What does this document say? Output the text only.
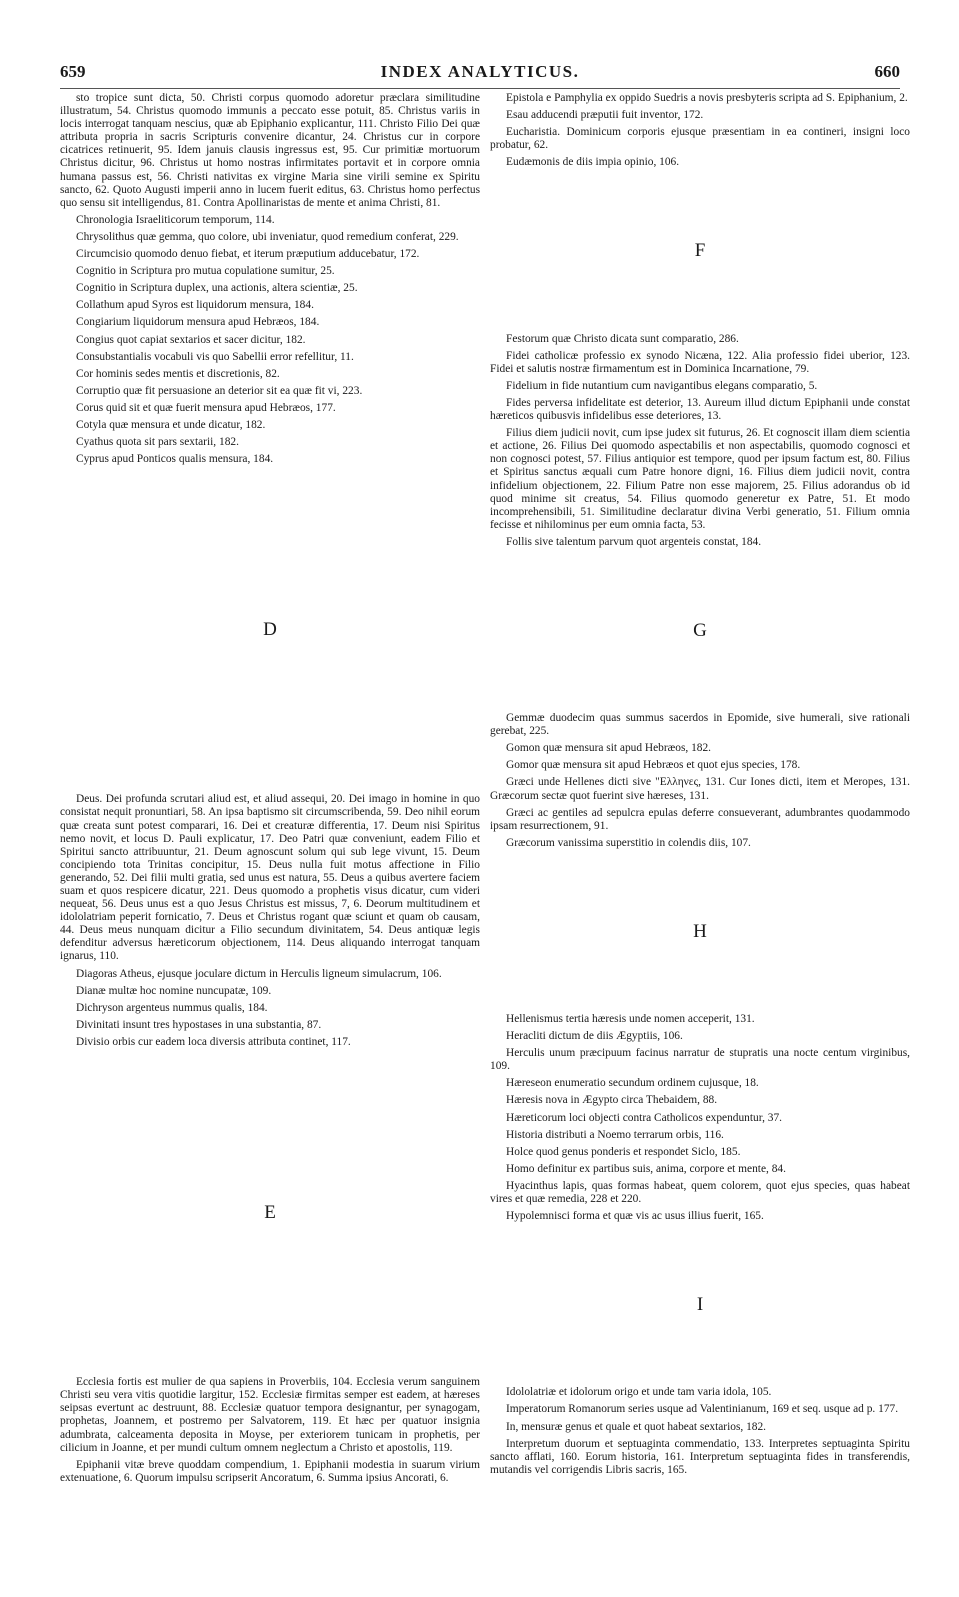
659	INDEX ANALYTICUS.	660

sto tropice sunt dicta, 50. Christi corpus quomodo adoretur præclara similitudine illustratum, 54. Christus quomodo immunis a peccato esse potuit, 85. Christus variis in locis interrogat tanquam nescius, quæ ab Epiphanio explicantur, 111. Christo Filio Dei quæ attributa propria in sacris Scripturis convenire dicantur, 24. Christus cur in corpore cicatrices retinuerit, 95. Idem januis clausis ingressus est, 95. Cur primitiæ mortuorum Christus dicitur, 96. Christus ut homo nostras infirmitates portavit et in corpore omnia humana passus est, 56. Christi nativitas ex virgine Maria sine virili semine ex Spiritu sancto, 62. Quoto Augusti imperii anno in lucem fuerit editus, 63. Christus homo perfectus quo sensu sit intelligendus, 81. Contra Apollinaristas de mente et anima Christi, 81.

Chronologia Israeliticorum temporum, 114.

Chrysolithus quæ gemma, quo colore, ubi inveniatur, quod remedium conferat, 229.

Circumcisio quomodo denuo fiebat, et iterum præputium adducebatur, 172.

Cognitio in Scriptura pro mutua copulatione sumitur, 25.

Cognitio in Scriptura duplex, una actionis, altera scientiæ, 25.

Collathum apud Syros est liquidorum mensura, 184.

Congiarium liquidorum mensura apud Hebræos, 184.

Congius quot capiat sextarios et sacer dicitur, 182.

Consubstantialis vocabuli vis quo Sabellii error refellitur, 11.

Cor hominis sedes mentis et discretionis, 82.

Corruptio quæ fit persuasione an deterior sit ea quæ fit vi, 223.

Corus quid sit et quæ fuerit mensura apud Hebræos, 177.

Cotyla quæ mensura et unde dicatur, 182.

Cyathus quota sit pars sextarii, 182.

Cyprus apud Ponticos qualis mensura, 184.

D

Deus. Dei profunda scrutari aliud est, et aliud assequi, 20. Dei imago in homine in quo consistat nequit pronuntiari, 58. An ipsa baptismo sit circumscribenda, 59. Deo nihil eorum quæ creata sunt potest comparari, 16. Dei et creaturæ differentia, 17. Deum nisi Spiritus nemo novit, et locus D. Pauli explicatur, 17. Deo Patri quæ conveniunt, eadem Filio et Spiritui sancto attribuuntur, 21. Deum agnoscunt solum qui sub lege vivunt, 15. Deum concipiendo tota Trinitas concipitur, 15. Deus nulla fuit motus affectione in Filio generando, 52. Dei filii multi gratia, sed unus est natura, 55. Deus a quibus avertere faciem suam et quos respicere dicatur, 221. Deus quomodo a prophetis visus dicatur, cum videri nequeat, 56. Deus unus est a quo Jesus Christus est missus, 7, 6. Deorum multitudinem et idololatriam peperit fornicatio, 7. Deus et Christus rogant quæ sciunt et quam ob causam, 44. Deus meus nunquam dicitur a Filio secundum divinitatem, 54. Deus antiquæ legis defenditur adversus hæreticorum objectionem, 114. Deus aliquando interrogat tanquam ignarus, 110.

Diagoras Atheus, ejusque joculare dictum in Herculis ligneum simulacrum, 106.

Dianæ multæ hoc nomine nuncupatæ, 109.

Dichryson argenteus nummus qualis, 184.

Divinitati insunt tres hypostases in una substantia, 87.

Divisio orbis cur eadem loca diversis attributa continet, 117.

E

Ecclesia fortis est mulier de qua sapiens in Proverbiis, 104. Ecclesia verum sanguinem Christi seu vera vitis quotidie largitur, 152. Ecclesiæ firmitas semper est eadem, at hæreses seipsas evertunt ac destruunt, 88. Ecclesiæ quatuor tempora designantur, per synagogam, prophetas, Joannem, et postremo per Salvatorem, 119. Et hæc per quatuor insignia adumbrata, calceamenta deposita in Moyse, per exteriorem tunicam in prophetis, per cilicium in Joanne, et per mundi cultum omnem neglectum a Christo et apostolis, 119.

Epiphanii vitæ breve quoddam compendium, 1. Epiphanii modestia in suarum virium extenuatione, 6. Quorum impulsu scripserit Ancoratum, 6. Summa ipsius Ancorati, 6.

Epistola e Pamphylia ex oppido Suedris a novis presbyteris scripta ad S. Epiphanium, 2.

Esau adducendi præputii fuit inventor, 172.

Eucharistia. Dominicum corporis ejusque præsentiam in ea contineri, insigni loco probatur, 62.

Eudæmonis de diis impia opinio, 106.

F

Festorum quæ Christo dicata sunt comparatio, 286.

Fidei catholicæ professio ex synodo Nicæna, 122. Alia professio fidei uberior, 123. Fidei et salutis nostræ firmamentum est in Dominica Incarnatione, 79.

Fidelium in fide nutantium cum navigantibus elegans comparatio, 5.

Fides perversa infidelitate est deterior, 13. Aureum illud dictum Epiphanii unde constat hæreticos quibusvis infidelibus esse deteriores, 13.

Filius diem judicii novit, cum ipse judex sit futurus, 26. Et cognoscit illam diem scientia et actione, 26. Filius Dei quomodo aspectabilis et non aspectabilis, quomodo cognosci et non cognosci potest, 57. Filius antiquior est tempore, quod per ipsum factum est, 80. Filius et Spiritus sanctus æquali cum Patre honore digni, 16. Filius diem judicii novit, contra infidelium objectionem, 22. Filium Patre non esse majorem, 25. Filius adorandus ob id quod minime sit creatus, 54. Filius quomodo generetur ex Patre, 51. Et modo incomprehensibili, 51. Similitudine declaratur divina Verbi generatio, 51. Filium omnia fecisse et nihilominus per eum omnia facta, 53.

Follis sive talentum parvum quot argenteis constat, 184.

G

Gemmæ duodecim quas summus sacerdos in Epomide, sive humerali, sive rationali gerebat, 225.

Gomon quæ mensura sit apud Hebræos, 182.

Gomor quæ mensura sit apud Hebræos et quot ejus species, 178.

Græci unde Hellenes dicti sive "Ελληνες, 131. Cur Iones dicti, item et Meropes, 131. Græcorum sectæ quot fuerint sive hæreses, 131.

Græci ac gentiles ad sepulcra epulas deferre consueverant, adumbrantes quodammodo ipsam resurrectionem, 91.

Græcorum vanissima superstitio in colendis diis, 107.

H

Hellenismus tertia hæresis unde nomen acceperit, 131.

Heracliti dictum de diis Ægyptiis, 106.

Herculis unum præcipuum facinus narratur de stupratis una nocte centum virginibus, 109.

Hæreseon enumeratio secundum ordinem cujusque, 18.

Hæresis nova in Ægypto circa Thebaidem, 88.

Hæreticorum loci objecti contra Catholicos expenduntur, 37.

Historia distributi a Noemo terrarum orbis, 116.

Holce quod genus ponderis et respondet Siclo, 185.

Homo definitur ex partibus suis, anima, corpore et mente, 84.

Hyacinthus lapis, quas formas habeat, quem colorem, quot ejus species, quas habeat vires et quæ remedia, 228 et 220.

Hypolemnisci forma et quæ vis ac usus illius fuerit, 165.

I

Idololatriæ et idolorum origo et unde tam varia idola, 105.

Imperatorum Romanorum series usque ad Valentinianum, 169 et seq. usque ad p. 177.

In, mensuræ genus et quale et quot habeat sextarios, 182.

Interpretum duorum et septuaginta commendatio, 133. Interpretes septuaginta Spiritu sancto afflati, 160. Eorum historia, 161. Interpretum septuaginta fides in transferendis, mutandis vel corrigendis Libris sacris, 165.
